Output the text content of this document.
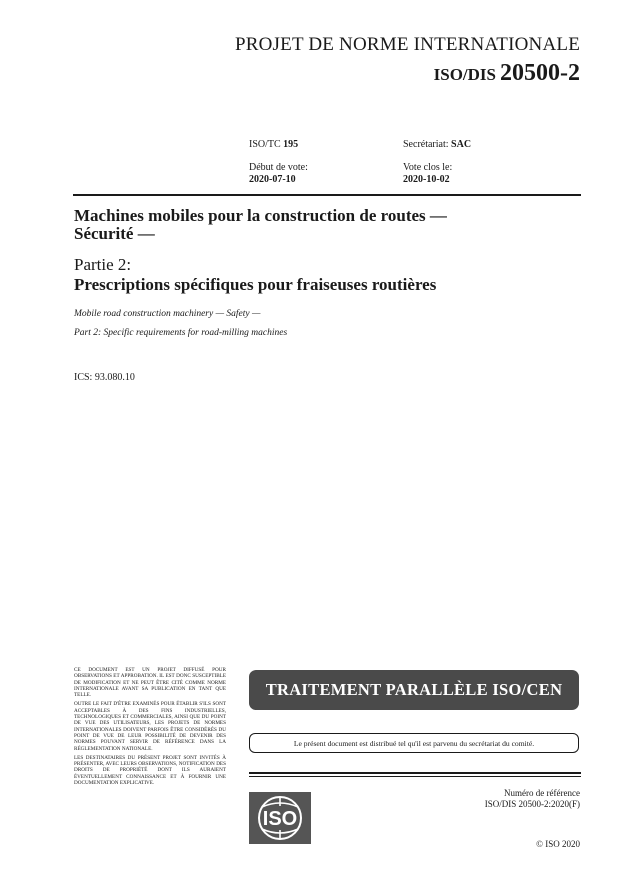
PROJET DE NORME INTERNATIONALE
ISO/DIS 20500-2
ISO/TC 195	Secrétariat: SAC
Début de vote:
2020-07-10
Vote clos le:
2020-10-02
Machines mobiles pour la construction de routes —
Sécurité —
Partie 2:
Prescriptions spécifiques pour fraiseuses routières
Mobile road construction machinery — Safety —
Part 2: Specific requirements for road-milling machines
ICS: 93.080.10

CE DOCUMENT EST UN PROJET DIFFUSÉ POUR OBSERVATIONS ET APPROBATION. IL EST DONC SUSCEPTIBLE DE MODIFICATION ET NE PEUT ÊTRE CITÉ COMME NORME INTERNATIONALE AVANT SA PUBLICATION EN TANT QUE TELLE.

OUTRE LE FAIT D'ÊTRE EXAMINÉS POUR ÉTABLIR S'ILS SONT ACCEPTABLES À DES FINS INDUSTRIELLES, TECHNOLOGIQUES ET COMMERCIALES, AINSI QUE DU POINT DE VUE DES UTILISATEURS, LES PROJETS DE NORMES INTERNATIONALES DOIVENT PARFOIS ÊTRE CONSIDÉRÉS DU POINT DE VUE DE LEUR POSSIBILITÉ DE DEVENIR DES NORMES POUVANT SERVIR DE RÉFÉRENCE DANS LA RÉGLEMENTATION NATIONALE.

LES DESTINATAIRES DU PRÉSENT PROJET SONT INVITÉS À PRÉSENTER, AVEC LEURS OBSERVATIONS, NOTIFICATION DES DROITS DE PROPRIÉTÉ DONT ILS AURAIENT ÉVENTUELLEMENT CONNAISSANCE ET À FOURNIR UNE DOCUMENTATION EXPLICATIVE.

TRAITEMENT PARALLÈLE ISO/CEN
Le présent document est distribué tel qu'il est parvenu du secrétariat du comité.
ISO
Numéro de référence
ISO/DIS 20500-2:2020(F)
© ISO 2020
